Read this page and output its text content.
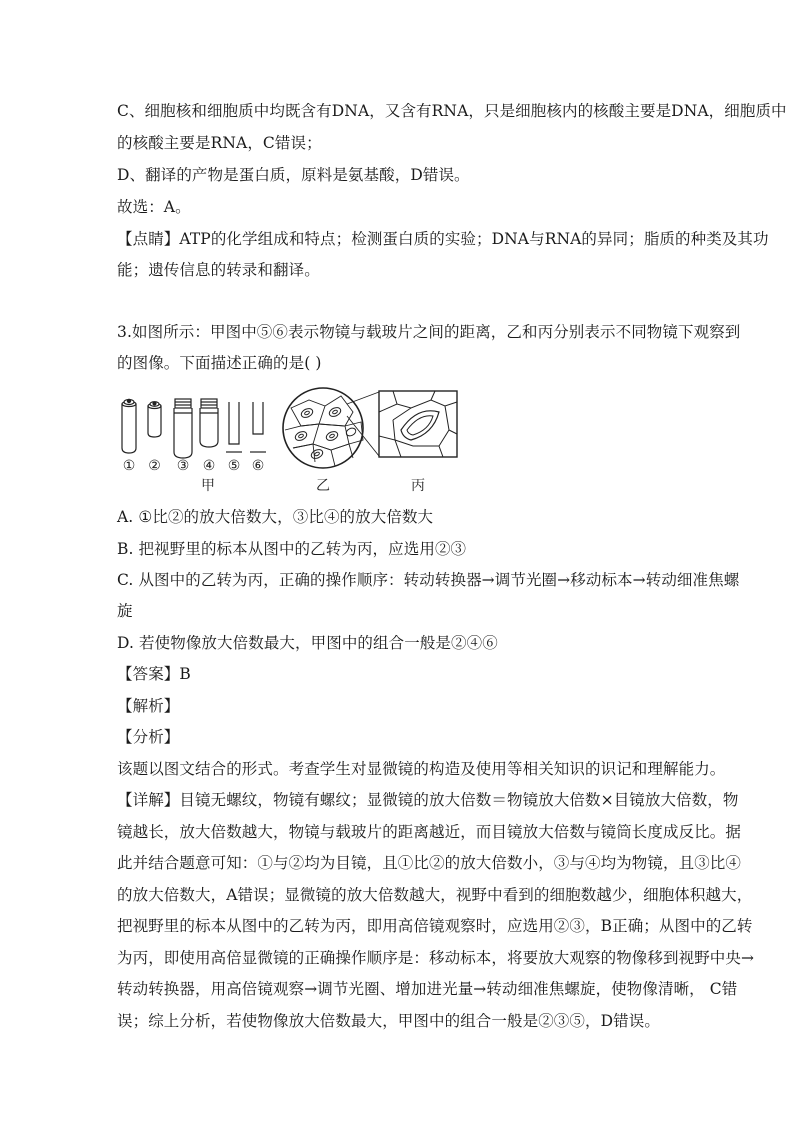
C、细胞核和细胞质中均既含有DNA，又含有RNA，只是细胞核内的核酸主要是DNA，细胞质中
的核酸主要是RNA，C错误；
D、翻译的产物是蛋白质，原料是氨基酸，D错误。
故选：A。
【点睛】ATP的化学组成和特点；检测蛋白质的实验；DNA与RNA的异同；脂质的种类及其功
能；遗传信息的转录和翻译。
3.如图所示：甲图中⑤⑥表示物镜与载玻片之间的距离，乙和丙分别表示不同物镜下观察到
的图像。下面描述正确的是( )
① ② ③ ④ ⑤ ⑥
甲	乙	丙
A. ①比②的放大倍数大，③比④的放大倍数大
B. 把视野里的标本从图中的乙转为丙，应选用②③
C. 从图中的乙转为丙，正确的操作顺序：转动转换器→调节光圈→移动标本→转动细准焦螺
旋
D. 若使物像放大倍数最大，甲图中的组合一般是②④⑥
【答案】B
【解析】
【分析】
该题以图文结合的形式。考查学生对显微镜的构造及使用等相关知识的识记和理解能力。
【详解】目镜无螺纹，物镜有螺纹；显微镜的放大倍数＝物镜放大倍数×目镜放大倍数，物
镜越长，放大倍数越大，物镜与载玻片的距离越近，而目镜放大倍数与镜筒长度成反比。据
此并结合题意可知：①与②均为目镜，且①比②的放大倍数小，③与④均为物镜，且③比④
的放大倍数大，A错误；显微镜的放大倍数越大，视野中看到的细胞数越少，细胞体积越大，
把视野里的标本从图中的乙转为丙，即用高倍镜观察时，应选用②③，B正确；从图中的乙转
为丙，即使用高倍显微镜的正确操作顺序是：移动标本，将要放大观察的物像移到视野中央→
转动转换器，用高倍镜观察→调节光圈、增加进光量→转动细准焦螺旋，使物像清晰， C错
误；综上分析，若使物像放大倍数最大，甲图中的组合一般是②③⑤，D错误。
